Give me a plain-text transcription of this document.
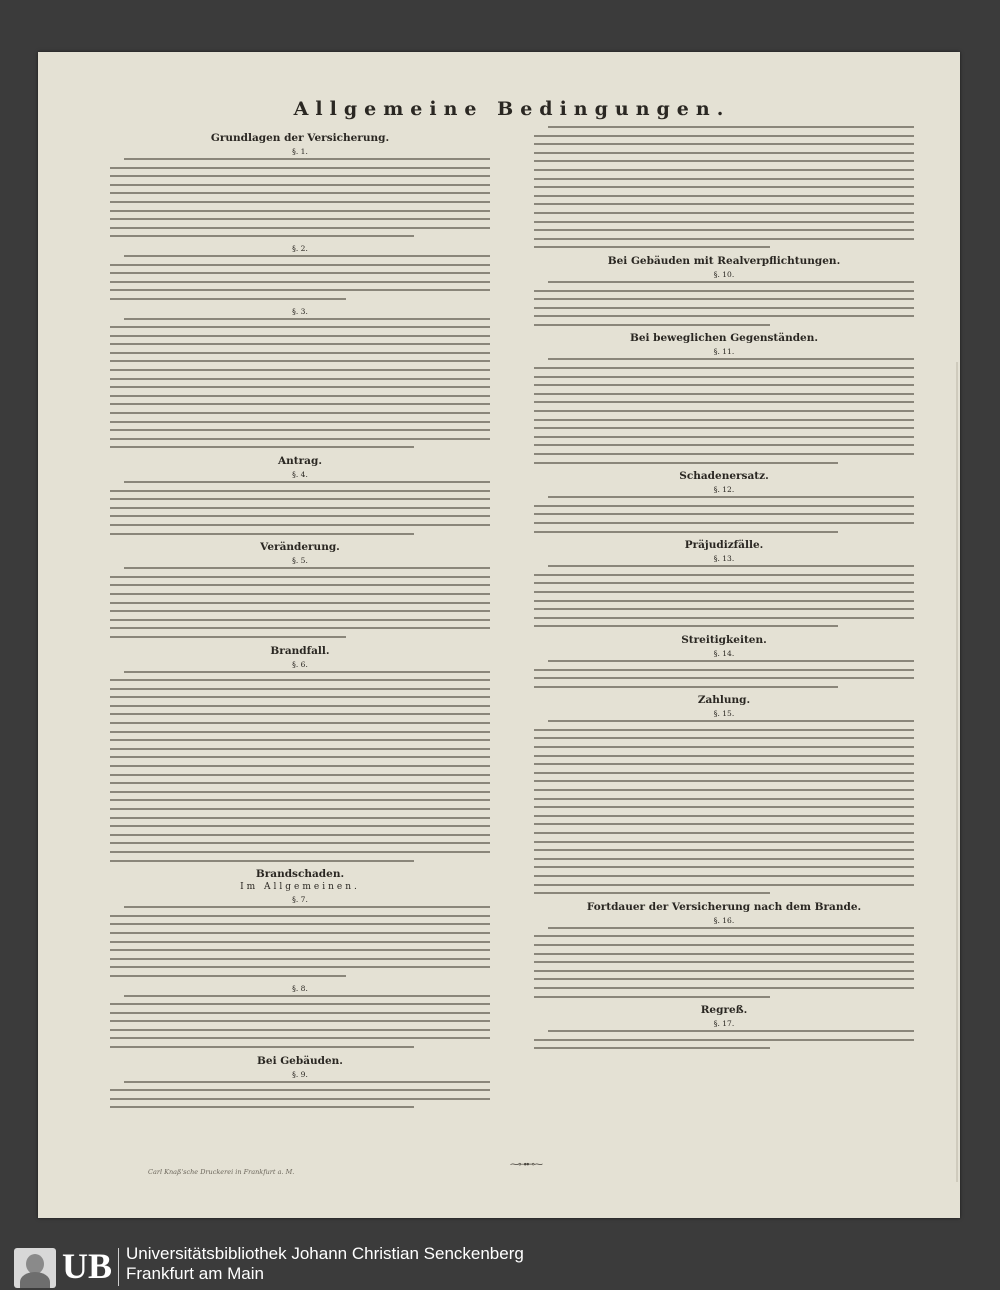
Allgemeine Bedingungen.
Grundlagen der Versicherung.
§. 1.
§. 2.
§. 3.
Antrag.
§. 4.
Veränderung.
§. 5.
Brandfall.
§. 6.
Brandschaden.
Im Allgemeinen.
§. 7.
§. 8.
Bei Gebäuden.
§. 9.
Bei Gebäuden mit Realverpflichtungen.
§. 10.
Bei beweglichen Gegenständen.
§. 11.
Schadenersatz.
§. 12.
Präjudizfälle.
§. 13.
Streitigkeiten.
§. 14.
Zahlung.
§. 15.
Fortdauer der Versicherung nach dem Brande.
§. 16.
Regreß.
§. 17.
⁓⊶⊷⁓
Carl Knaß'sche Druckerei in Frankfurt a. M.
UB Universitätsbibliothek Johann Christian Senckenberg
Frankfurt am Main
